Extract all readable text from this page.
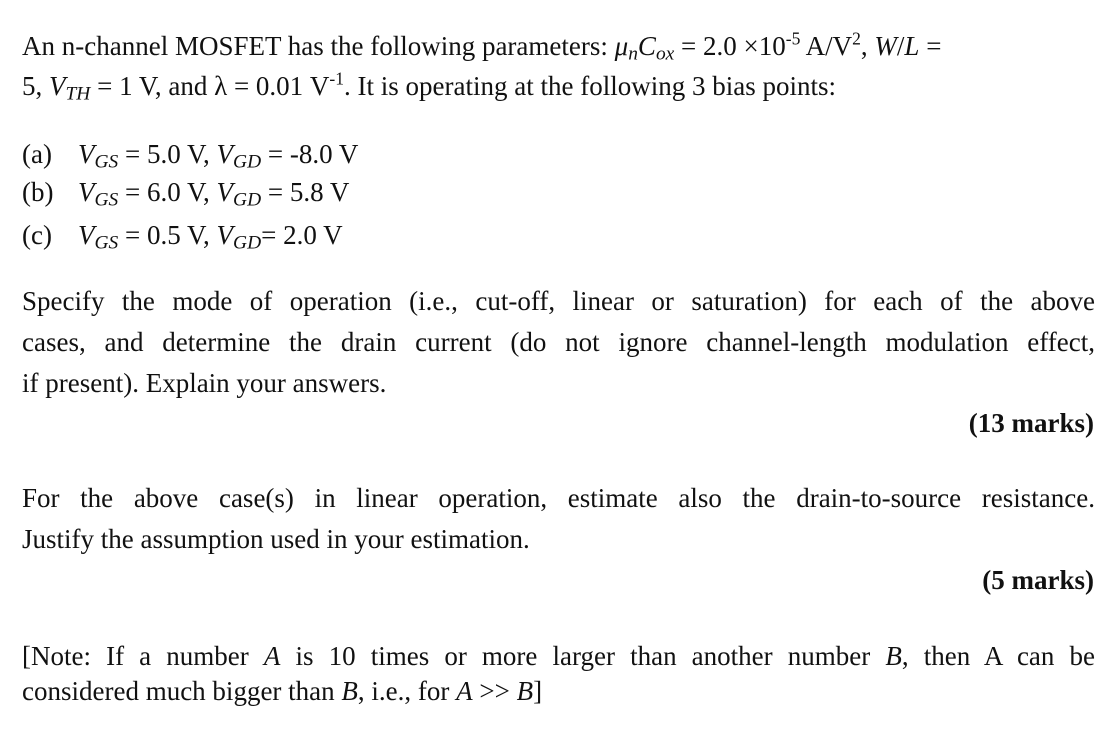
An n-channel MOSFET has the following parameters: $\mu_nC_{ox} = 2.0 \times 10^{-5}$ $A/V^2$, W/L =
5, $V_{TH} = 1$ V, and λ = 0.01 $V^{-1}$. It is operating at the following 3 bias points:
(a) $V_{GS} = 5.0$ V, $V_{GD} = -8.0$ V
(b) $V_{GS} = 6.0$ V, $V_{GD} = 5.8$ V
(c) $V_{GS} = 0.5$ V, $V_{GD}= 2.0$ V
Specify the mode of operation (i.e., cut-off, linear or saturation) for each of the above
cases, and determine the drain current (do not ignore channel-length modulation effect,
if present). Explain your answers.
(13 marks)
For the above case(s) in linear operation, estimate also the drain-to-source resistance.
Justify the assumption used in your estimation.
(5 marks)
[Note: If a number A is 10 times or more larger than another number B, then A can be
considered much bigger than B, i.e., for A >> B]
